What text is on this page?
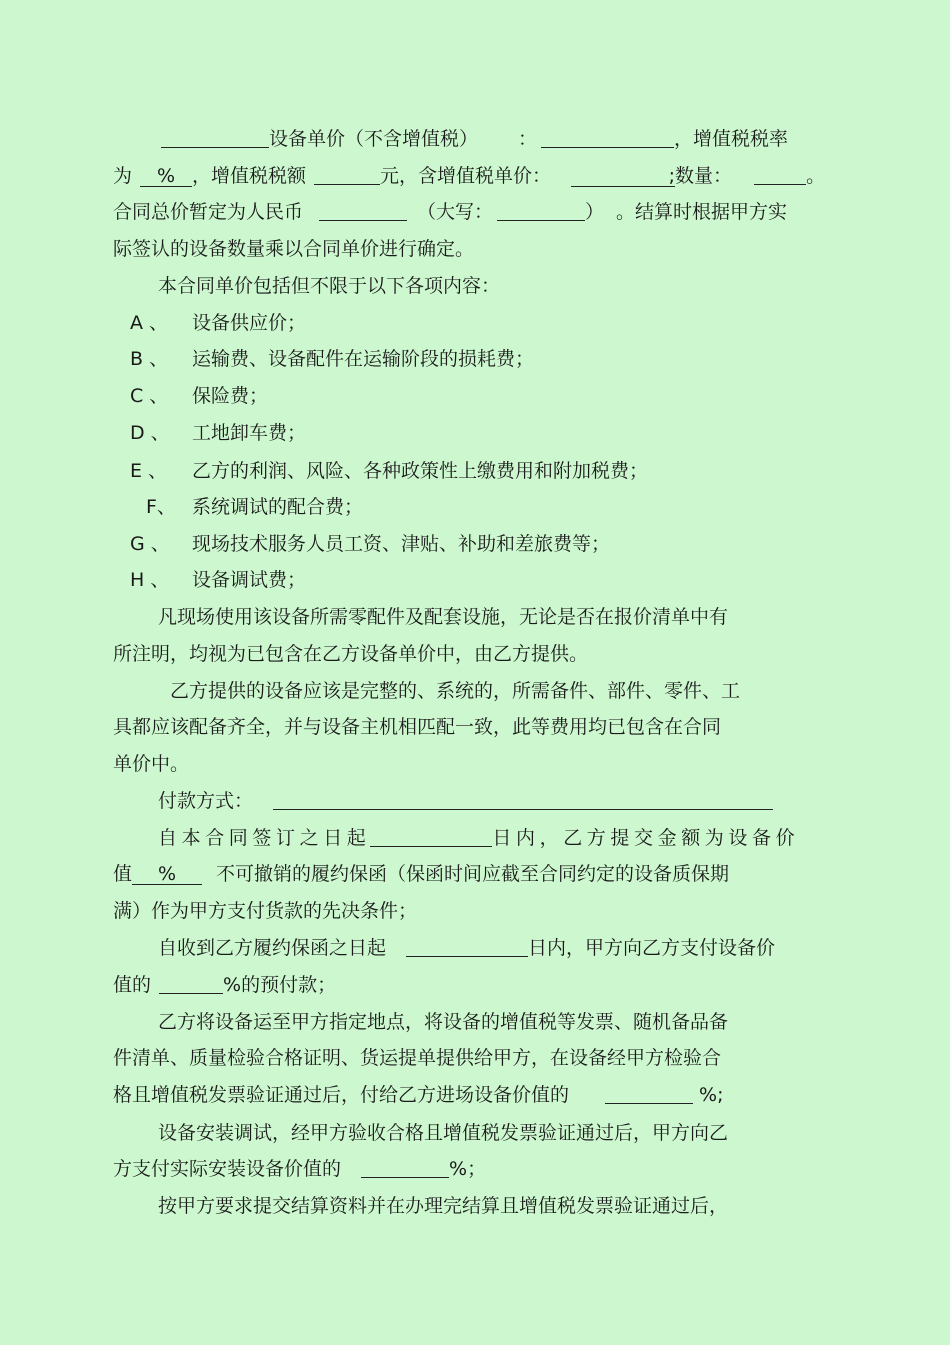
设备单价（不含增值税） ：	，增值税税率
为 % ，增值税税额	元，含增值税单价：	;数量：	。
合同总价暂定为人民币	（大写：	） 。结算时根据甲方实
际签认的设备数量乘以合同单价进行确定。
本合同单价包括但不限于以下各项内容：
A 、	设备供应价；
B 、	运输费、设备配件在运输阶段的损耗费；
C 、	保险费；
D 、	工地卸车费；
E 、	乙方的利润、风险、各种政策性上缴费用和附加税费；
F、 系统调试的配合费；
G 、	现场技术服务人员工资、津贴、补助和差旅费等；
H 、	设备调试费；
凡现场使用该设备所需零配件及配套设施，无论是否在报价清单中有
所注明，均视为已包含在乙方设备单价中，由乙方提供。
乙方提供的设备应该是完整的、系统的，所需备件、部件、零件、工
具都应该配备齐全，并与设备主机相匹配一致，此等费用均已包含在合同
单价中。
付款方式：
自本合同签订之日起	日内，乙方提交金额为设备价
值 % 不可撤销的履约保函（保函时间应截至合同约定的设备质保期
满）作为甲方支付货款的先决条件；
自收到乙方履约保函之日起	日内，甲方向乙方支付设备价
值的	%的预付款；
乙方将设备运至甲方指定地点，将设备的增值税等发票、随机备品备
件清单、质量检验合格证明、货运提单提供给甲方，在设备经甲方检验合
格且增值税发票验证通过后，付给乙方进场设备价值的	%;
设备安装调试，经甲方验收合格且增值税发票验证通过后，甲方向乙
方支付实际安装设备价值的	%；
按甲方要求提交结算资料并在办理完结算且增值税发票验证通过后，
